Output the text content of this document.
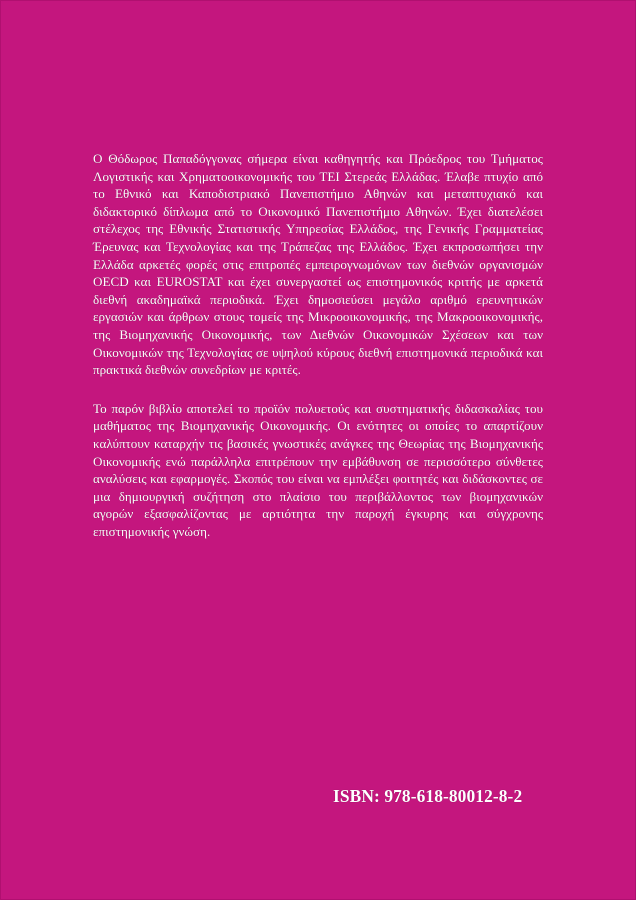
Ο Θόδωρος Παπαδόγγονας σήμερα είναι καθηγητής και Πρόεδρος του Τμήματος Λογιστικής και Χρηματοοικονομικής του ΤΕΙ Στερεάς Ελλάδας. Έλαβε πτυχίο από το Εθνικό και Καποδιστριακό Πανεπιστήμιο Αθηνών και μεταπτυχιακό και διδακτορικό δίπλωμα από το Οικονομικό Πανεπιστήμιο Αθηνών. Έχει διατελέσει στέλεχος της Εθνικής Στατιστικής Υπηρεσίας Ελλάδος, της Γενικής Γραμματείας Έρευνας και Τεχνολογίας και της Τράπεζας της Ελλάδος. Έχει εκπροσωπήσει την Ελλάδα αρκετές φορές στις επιτροπές εμπειρογνωμόνων των διεθνών οργανισμών OECD και EUROSTAT και έχει συνεργαστεί ως επιστημονικός κριτής με αρκετά διεθνή ακαδημαϊκά περιοδικά. Έχει δημοσιεύσει μεγάλο αριθμό ερευνητικών εργασιών και άρθρων στους τομείς της Μικροοικονομικής, της Μακροοικονομικής, της Βιομηχανικής Οικονομικής, των Διεθνών Οικονομικών Σχέσεων και των Οικονομικών της Τεχνολογίας σε υψηλού κύρους διεθνή επιστημονικά περιοδικά και πρακτικά διεθνών συνεδρίων με κριτές.

Το παρόν βιβλίο αποτελεί το προϊόν πολυετούς και συστηματικής διδασκαλίας του μαθήματος της Βιομηχανικής Οικονομικής. Οι ενότητες οι οποίες το απαρτίζουν καλύπτουν καταρχήν τις βασικές γνωστικές ανάγκες της Θεωρίας της Βιομηχανικής Οικονομικής ενώ παράλληλα επιτρέπουν την εμβάθυνση σε περισσότερο σύνθετες αναλύσεις και εφαρμογές. Σκοπός του είναι να εμπλέξει φοιτητές και διδάσκοντες σε μια δημιουργική συζήτηση στο πλαίσιο του περιβάλλοντος των βιομηχανικών αγορών εξασφαλίζοντας με αρτιότητα την παροχή έγκυρης και σύγχρονης επιστημονικής γνώση.

ISBN: 978-618-80012-8-2
